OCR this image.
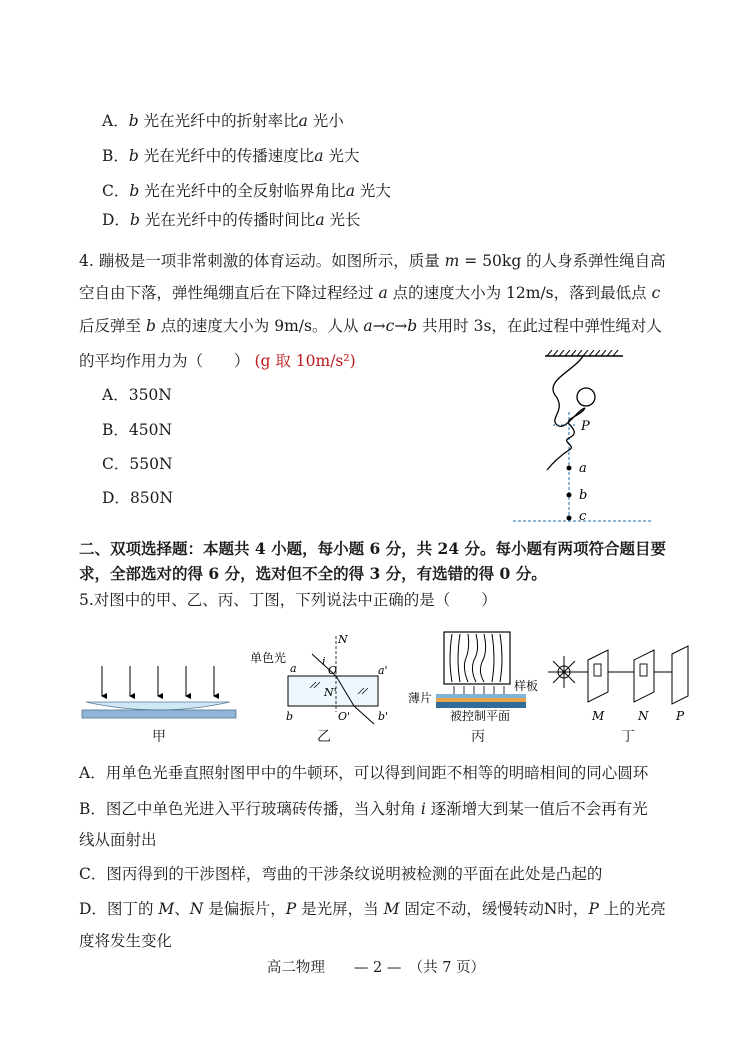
A．b 光在光纤中的折射率比a 光小
B．b 光在光纤中的传播速度比a 光大
C．b 光在光纤中的全反射临界角比a 光大
D．b 光在光纤中的传播时间比a 光长
4. 蹦极是一项非常刺激的体育运动。如图所示，质量 m = 50kg 的人身系弹性绳自高
空自由下落，弹性绳绷直后在下降过程经过 a 点的速度大小为 12m/s，落到最低点 c
后反弹至 b 点的速度大小为 9m/s。人从 a→c→b 共用时 3s，在此过程中弹性绳对人
的平均作用力为（　　） (g 取 10m/s²)
A．350N
B．450N
C．550N
D．850N
P
a
b
c
二、双项选择题：本题共 4 小题，每小题 6 分，共 24 分。每小题有两项符合题目要
求，全部选对的得 6 分，选对但不全的得 3 分，有选错的得 0 分。
5.对图中的甲、乙、丙、丁图，下列说法中正确的是（　　）
甲
单色光
a
N
i
O	a'
N'
b	O'	b'
乙
薄片
样板
被控制平面
丙
M	N P
丁
A．用单色光垂直照射图甲中的牛顿环，可以得到间距不相等的明暗相间的同心圆环
B．图乙中单色光进入平行玻璃砖传播，当入射角 i 逐渐增大到某一值后不会再有光
线从面射出
C．图丙得到的干涉图样，弯曲的干涉条纹说明被检测的平面在此处是凸起的
D．图丁的 M、N 是偏振片，P 是光屏，当 M 固定不动，缓慢转动N时，P 上的光亮
度将发生变化
高二物理　　— 2 —　（共 7 页）
